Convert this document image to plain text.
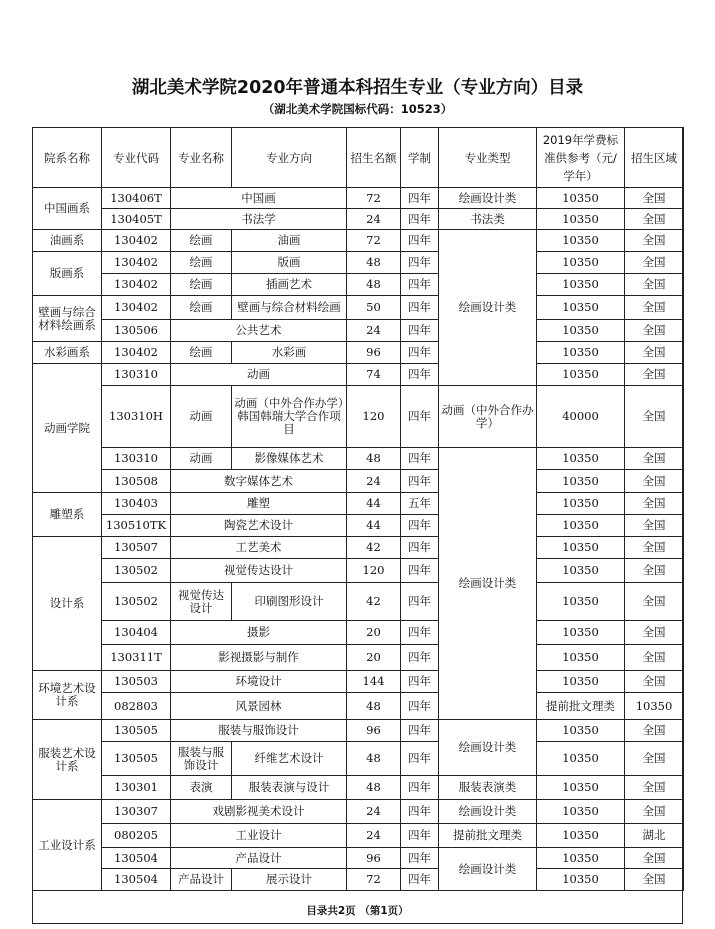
湖北美术学院2020年普通本科招生专业（专业方向）目录
（湖北美术学院国标代码：10523）
院系名称	专业代码	专业名称	专业方向	招生名额	学制	专业类型	2019年学费标准供参考（元/学年）	招生区域	
中国画系	130406T	中国画		72	四年	绘画设计类	10350	全国	
	130405T	书法学		24	四年	书法类	10350	全国	
油画系	130402	绘画	油画	72	四年	绘画设计类	10350	全国	
版画系	130402	绘画	版画	48	四年		10350	全国	
	130402	绘画	插画艺术	48	四年		10350	全国	
壁画与综合材料绘画系	130402	绘画	壁画与综合材料绘画	50	四年		10350	全国	
	130506	公共艺术		24	四年		10350	全国	
水彩画系	130402	绘画	水彩画	96	四年		10350	全国	
动画学院	130310	动画		74	四年		10350	全国	
	130310H	动画	动画（中外合作办学）韩国韩瑞大学合作项目	120	四年	动画（中外合作办学）	40000	全国	
	130310	动画	影像媒体艺术	48	四年	绘画设计类	10350	全国	
	130508	数字媒体艺术		24	四年		10350	全国	
雕塑系	130403	雕塑		44	五年		10350	全国	
	130510TK	陶瓷艺术设计		44	四年		10350	全国	
设计系	130507	工艺美术		42	四年		10350	全国	
	130502	视觉传达设计		120	四年		10350	全国	
	130502	视觉传达设计	印刷图形设计	42	四年		10350	全国	
	130404	摄影		20	四年		10350	全国	
	130311T	影视摄影与制作		20	四年		10350	全国	
环境艺术设计系	130503	环境设计		144	四年		10350	全国	
	082803	风景园林		48	四年		提前批文理类	10350	
服装艺术设计系	130505	服装与服饰设计		96	四年	绘画设计类	10350	全国	
	130505	服装与服饰设计	纤维艺术设计	48	四年		10350	全国	
	130301	表演	服装表演与设计	48	四年	服装表演类	10350	全国	
工业设计系	130307	戏剧影视美术设计		24	四年	绘画设计类	10350	全国	
	080205	工业设计		24	四年	提前批文理类	10350	湖北	
	130504	产品设计		96	四年	绘画设计类	10350	全国	
	130504	产品设计	展示设计	72	四年		10350	全国	
目录共2页 （第1页）
